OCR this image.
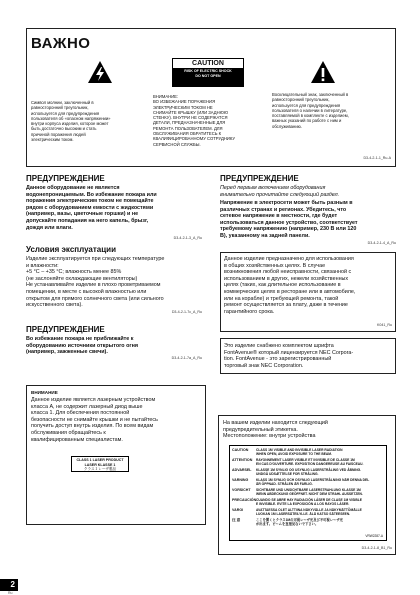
ВАЖНО
CAUTION
RISK OF ELECTRIC SHOCK
DO NOT OPEN
Символ молнии, заключенный в
равносторонний треугольник,
используется для предупреждения
пользователя об «опасном напряжении»
внутри корпуса изделия, которое может
быть достаточно высоким и стать
причиной поражения людей
электрическим током.
ВНИМАНИЕ:
ВО ИЗБЕЖАНИЕ ПОРАЖЕНИЯ
ЭЛЕКТРИЧЕСКИМ ТОКОМ НЕ
СНИМАЙТЕ КРЫШКУ (ИЛИ ЗАДНЮЮ
СТЕНКУ). ВНУТРИ НЕ СОДЕРЖАТСЯ
ДЕТАЛИ, ПРЕДНАЗНАЧЕННЫЕ ДЛЯ
РЕМОНТА ПОЛЬЗОВАТЕЛЕМ. ДЛЯ
ОБСЛУЖИВАНИЯ ОБРАТИТЕСЬ К
КВАЛИФИЦИРОВАННОМУ СОТРУДНИКУ
СЕРВИСНОЙ СЛУЖБЫ.
Восклицательный знак, заключенный в
равносторонний треугольник,
используется для предупреждения
пользователя о наличии в литературе,
поставляемой в комплекте с изделием,
важных указаний по работе с ним и
обслуживанию.
D3-4-2-1-1_Ru-A
ПРЕДУПРЕЖДЕНИЕ
Данное оборудование не является
водонепроницаемым. Во избежание пожара или
поражения электрическим током не помещайте
рядом с оборудованием емкости с жидкостями
(например, вазы, цветочные горшки) и не
допускайте попадания на него капель, брызг,
дождя или влаги.
D3-4-2-1-3_A_Ru
Условия эксплуатации
Изделие эксплуатируется при следующих температуре
и влажности:
+5 °C – +35 °C; влажность менее 85%
(не заслоняйте охлаждающие вентиляторы)
Не устанавливайте изделие в плохо проветриваемом
помещении, в месте с высокой влажностью или
открытом для прямого солнечного света (или сильного
искусственного света).
D3-4-2-1-7c_A_Ru
ПРЕДУПРЕЖДЕНИЕ
Во избежание пожара не приближайте к
оборудованию источники открытого огня
(например, зажженные свечи).
D3-4-2-1-7a_A_Ru
ПРЕДУПРЕЖДЕНИЕ
Перед первым включением оборудования
внимательно прочитайте следующий раздел.
Напряжение в электросети может быть разным в
различных странах и регионах. Убедитесь, что
сетевое напряжение в местности, где будет
использоваться данное устройство, соответствует
требуемому напряжению (например, 230 В или 120
В), указанному на задней панели.
D3-4-2-1-4_A_Ru
Данное изделие предназначено для использования
в общих хозяйственных целях. В случае
возникновения любой неисправности, связанной с
использованием в других, нежели хозяйственных
целях (таких, как длительное использование в
коммерческих целях в ресторане или в автомобиле,
или на корабле) и требующей ремонта, такой
ремонт осуществляется за плату, даже в течение
гарантийного срока.
K041_Ru
Это изделие снабжено комплектом шрифта
FontAvenue® который лицензируется NEC Corpora-
tion. FontAvenue - это зарегистрированный
торговый знак NEC Corporation.
ВНИМАНИЕ
Данное изделие является лазерным устройством
класса А, не содержит лазерный диод выше
класса 1. Для обеспечения постоянной
безопасности не снимайте крышки и не пытайтесь
получить доступ внутрь изделия. По всем видам
обслуживания обращайтесь к
квалифицированным специалистам.
CLASS 1 LASER PRODUCT
LASER KLASSE 1
クラス１レーザ製品
На вашем изделии находится следующий
предупредительный этикетка.
Местоположение: внутри устройства
CAUTION	CLASS 1M VISIBLE AND INVISIBLE LASER RADIATION
WHEN OPEN, AVOID EXPOSURE TO THE BEAM.
ATTENTION	RAYONNEMENT LASER VISIBLE ET INVISIBLE DE CLASSE 1M
EN CAS D'OUVERTURE. EXPOSITION DANGEREUSE AU FAISCEAU.
ADVARSEL	KLASSE 1M SYNLIG OG USYNLIG LASERSTRÅLING VED ÅBNING.
UNDGÅ UDSÆTTELSE FOR STRÅLING.
VARNING	KLASS 1M SYNLIG OCH OSYNLIG LASERSTRÅLNING NÄR DENNA DEL
ÄR ÖPPNAD. STRÅLEN ÄR FARLIG.
VORSICHT	SICHTBARE UND UNSICHTBARE LASERSTRAHLUNG KLASSE 1M
WENN ABDECKUNG GEÖFFNET. NICHT DEM STRAHL AUSSETZEN.
PRECAUCIÓN CUANDO SE ABRE HAY RADIACIÓN LÁSER DE CLASE 1M VISIBLE
E INVISIBLE. EVITE LA EXPOSICIÓN A LOS RAYOS LÁSER.
VAROI	AVATTAESSA OLET ALTTIINA NÄKYVÄLLE JA NÄKYMÄTTÖMÄLLE
LUOKAN 1M LASERSÄTEILYLLE. ÄLÄ KATSO SÄTEESEEN.
注 意	ここを開くとクラス1Mの可視レーザ光及び不可視レーザ光
が出ます。ビームを直接見ないで下さい。
VRW2287-A
D3-4-2-1-8_B1_Ru
2
Ru
